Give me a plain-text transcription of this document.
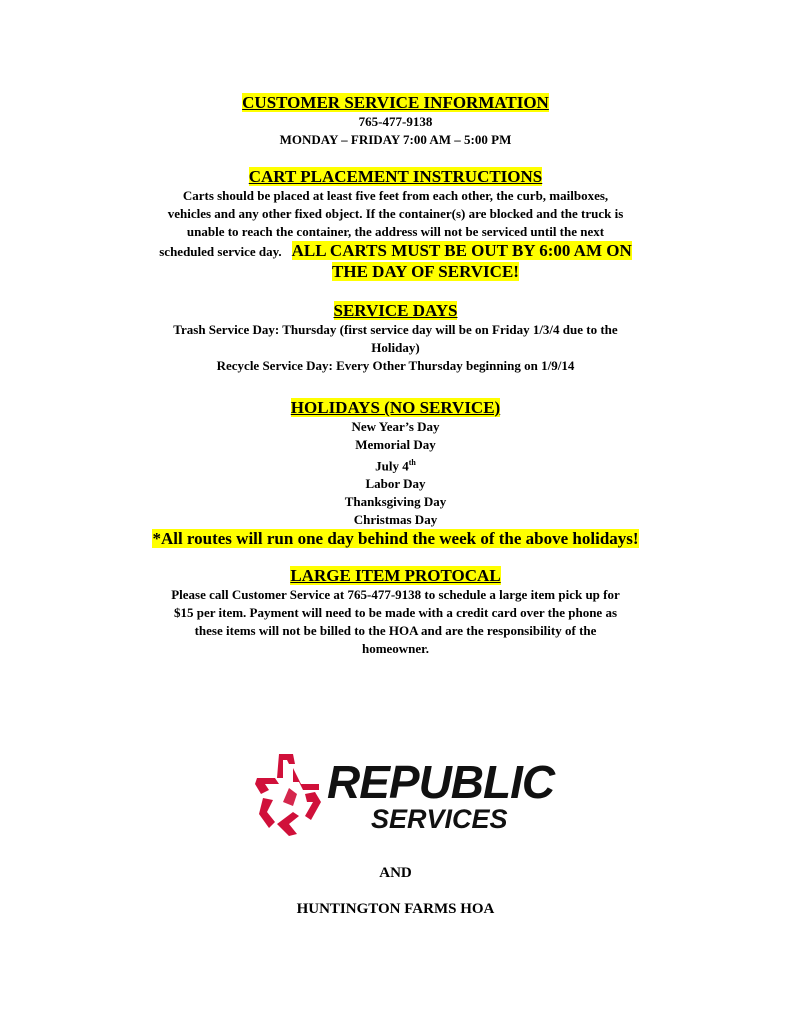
CUSTOMER SERVICE INFORMATION
765-477-9138
MONDAY – FRIDAY 7:00 AM – 5:00 PM
CART PLACEMENT INSTRUCTIONS
Carts should be placed at least five feet from each other, the curb, mailboxes,
vehicles and any other fixed object. If the container(s) are blocked and the truck is
unable to reach the container, the address will not be serviced until the next
scheduled service day. ALL CARTS MUST BE OUT BY 6:00 AM ON
THE DAY OF SERVICE!
SERVICE DAYS
Trash Service Day: Thursday (first service day will be on Friday 1/3/4 due to the
Holiday)
Recycle Service Day: Every Other Thursday beginning on 1/9/14
HOLIDAYS (NO SERVICE)
New Year’s Day
Memorial Day
July 4th
Labor Day
Thanksgiving Day
Christmas Day
*All routes will run one day behind the week of the above holidays!
LARGE ITEM PROTOCAL
Please call Customer Service at 765-477-9138 to schedule a large item pick up for
$15 per item. Payment will need to be made with a credit card over the phone as
these items will not be billed to the HOA and are the responsibility of the
homeowner.
REPUBLIC
SERVICES
AND
HUNTINGTON FARMS HOA
